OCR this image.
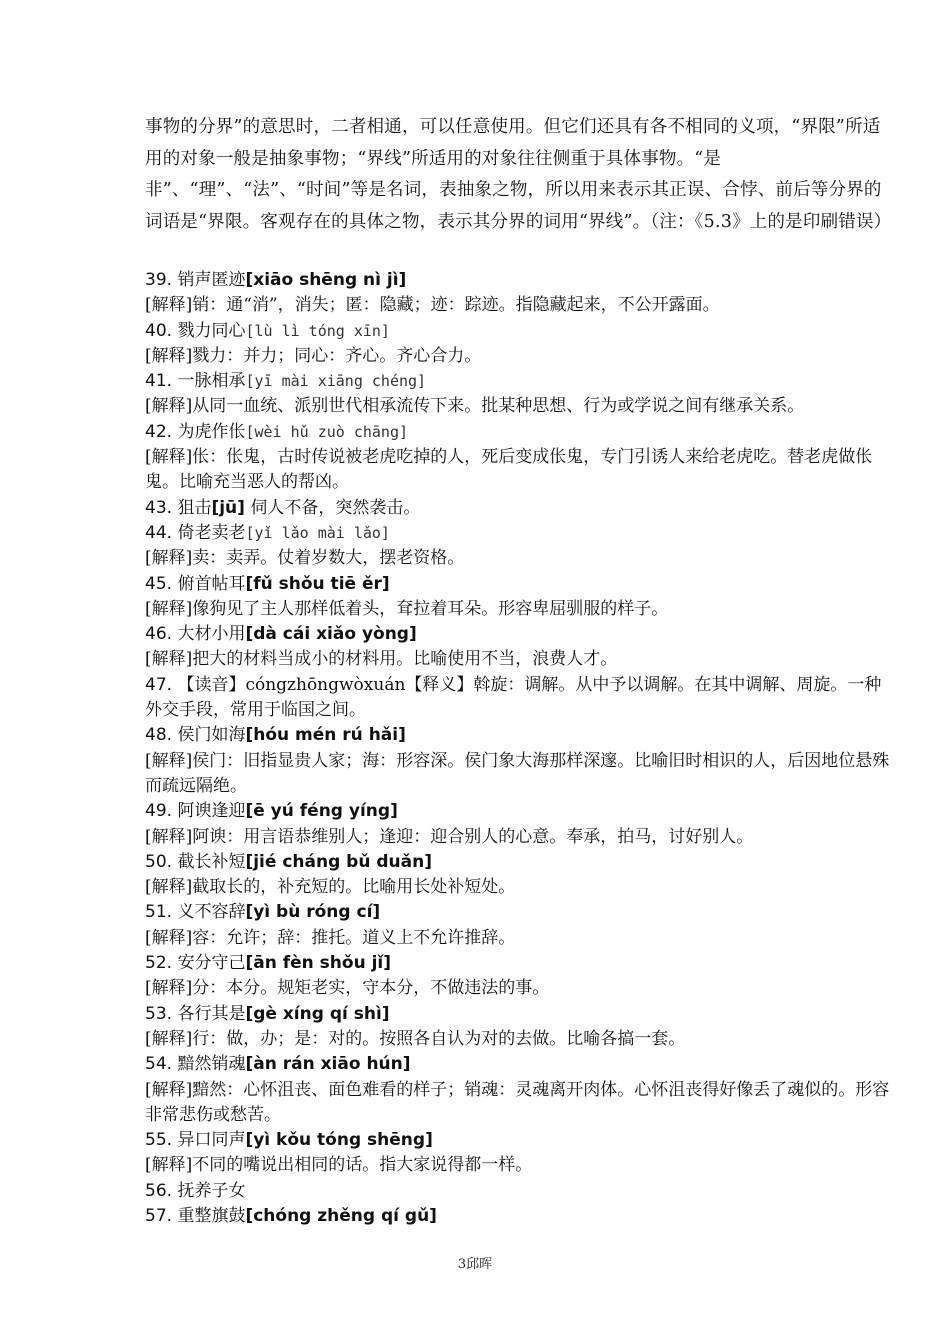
事物的分界”的意思时，二者相通，可以任意使用。但它们还具有各不相同的义项，“界限”所适用的对象一般是抽象事物；“界线”所适用的对象往往侧重于具体事物。“是非”、“理”、“法”、“时间”等是名词，表抽象之物，所以用来表示其正误、合悖、前后等分界的词语是“界限。客观存在的具体之物，表示其分界的词用“界线”。（注：《5.3》上的是印刷错误）
39. 销声匿迹[xiāo shēng nì jì]
[解释]销：通“消”，消失；匿：隐藏；迹：踪迹。指隐藏起来，不公开露面。
40. 戮力同心[lù lì tóng xīn]
[解释]戮力：并力；同心：齐心。齐心合力。
41. 一脉相承[yī mài xiāng chéng]
[解释]从同一血统、派别世代相承流传下来。批某种思想、行为或学说之间有继承关系。
42. 为虎作伥[wèi hǔ zuò chāng]
[解释]伥：伥鬼，古时传说被老虎吃掉的人，死后变成伥鬼，专门引诱人来给老虎吃。替老虎做伥鬼。比喻充当恶人的帮凶。
43. 狙击[jū] 伺人不备，突然袭击。
44. 倚老卖老[yǐ lǎo mài lǎo]
[解释]卖：卖弄。仗着岁数大，摆老资格。
45. 俯首帖耳[fǔ shǒu tiē ěr]
[解释]像狗见了主人那样低着头，耷拉着耳朵。形容卑屈驯服的样子。
46. 大材小用[dà cái xiǎo yòng]
[解释]把大的材料当成小的材料用。比喻使用不当，浪费人才。
47. 【读音】cóngzhōngwòxuán【释义】斡旋：调解。从中予以调解。在其中调解、周旋。一种外交手段，常用于临国之间。
48. 侯门如海[hóu mén rú hǎi]
[解释]侯门：旧指显贵人家；海：形容深。侯门象大海那样深邃。比喻旧时相识的人，后因地位悬殊而疏远隔绝。
49. 阿谀逢迎[ē yú féng yíng]
[解释]阿谀：用言语恭维别人；逢迎：迎合别人的心意。奉承，拍马，讨好别人。
50. 截长补短[jié cháng bǔ duǎn]
[解释]截取长的，补充短的。比喻用长处补短处。
51. 义不容辞[yì bù róng cí]
[解释]容：允许；辞：推托。道义上不允许推辞。
52. 安分守己[ān fèn shǒu jǐ]
[解释]分：本分。规矩老实，守本分，不做违法的事。
53. 各行其是[gè xíng qí shì]
[解释]行：做，办；是：对的。按照各自认为对的去做。比喻各搞一套。
54. 黯然销魂[àn rán xiāo hún]
[解释]黯然：心怀沮丧、面色难看的样子；销魂：灵魂离开肉体。心怀沮丧得好像丢了魂似的。形容非常悲伤或愁苦。
55. 异口同声[yì kǒu tóng shēng]
[解释]不同的嘴说出相同的话。指大家说得都一样。
56. 抚养子女
57. 重整旗鼓[chóng zhěng qí gǔ]
3邱晖
